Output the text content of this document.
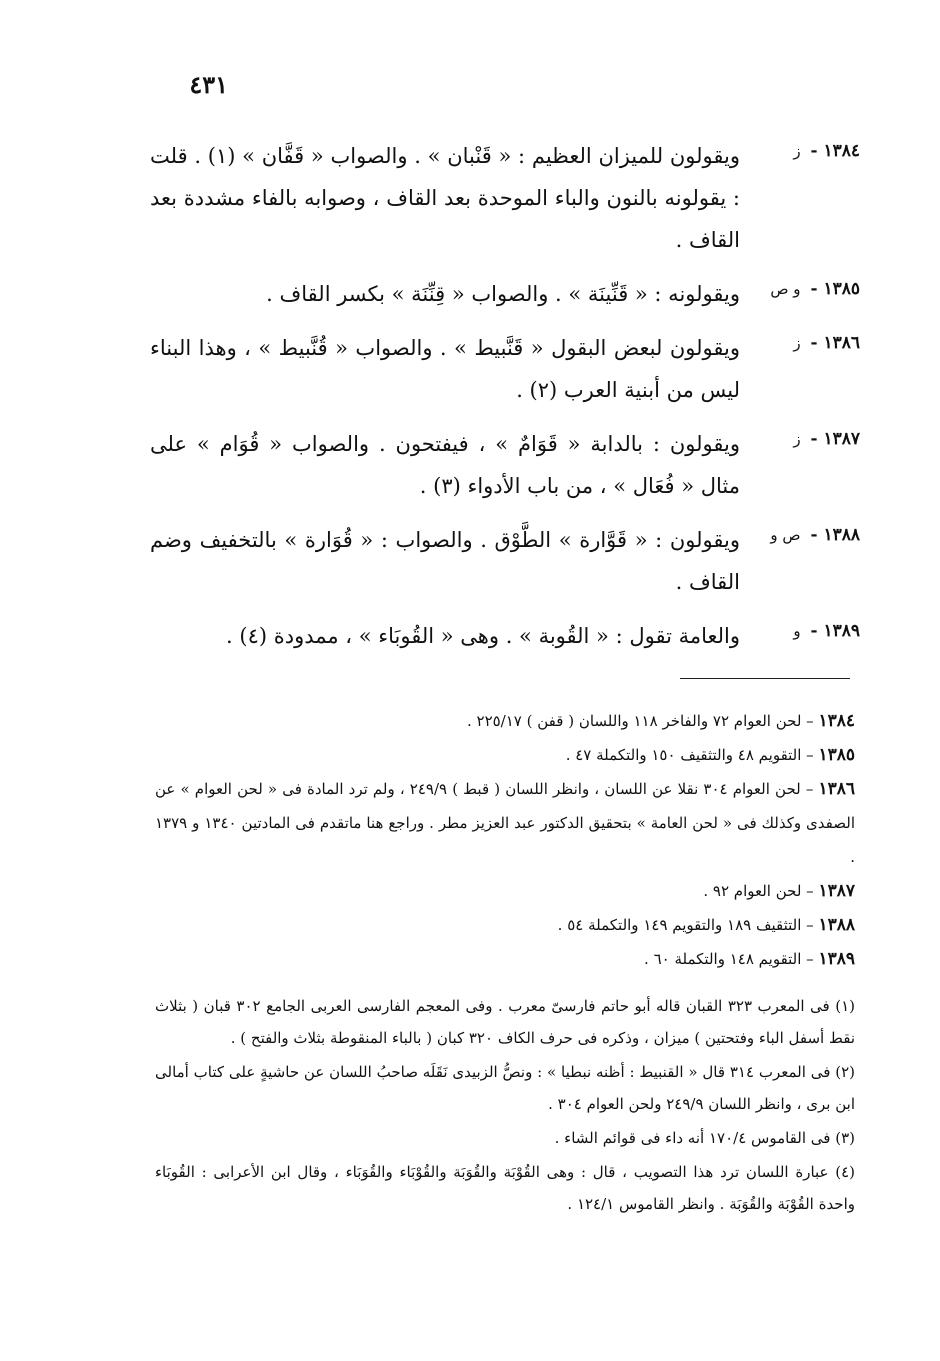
٤٣١
١٣٨٤ - ز
ويقولون للميزان العظيم : « قَنْبان » . والصواب « قَفَّان » (١) . قلت : يقولونه بالنون والباء الموحدة بعد القاف ، وصوابه بالفاء مشددة بعد القاف .
١٣٨٥ - و ص
ويقولونه : « قَنِّينَة » . والصواب « قِنِّنَة » بكسر القاف .
١٣٨٦ - ز
ويقولون لبعض البقول « قَنَّبيط » . والصواب « قُنَّبيط » ، وهذا البناء ليس من أبنية العرب (٢) .
١٣٨٧ - ز
ويقولون : بالدابة « قَوَامٌ » ، فيفتحون . والصواب « قُوَام » على مثال « فُعَال » ، من باب الأدواء (٣) .
١٣٨٨ - ص و
ويقولون : « قَوَّارة » الطَّوْق . والصواب : « قُوَارة » بالتخفيف وضم القاف .
١٣٨٩ - و
والعامة تقول : « القُوبة » . وهى « القُوبَاء » ، ممدودة (٤) .
١٣٨٤ – لحن العوام ٧٢ والفاخر ١١٨ واللسان ( قفن ) ٢٢٥/١٧ .
١٣٨٥ – التقويم ٤٨ والتثقيف ١٥٠ والتكملة ٤٧ .
١٣٨٦ – لحن العوام ٣٠٤ نقلا عن اللسان ، وانظر اللسان ( قبط ) ٢٤٩/٩ ، ولم ترد المادة فى « لحن العوام » عن الصفدى وكذلك فى « لحن العامة » بتحقيق الدكتور عبد العزيز مطر . وراجع هنا ماتقدم فى المادتين ١٣٤٠ و ١٣٧٩ .
١٣٨٧ – لحن العوام ٩٢ .
١٣٨٨ – التثقيف ١٨٩ والتقويم ١٤٩ والتكملة ٥٤ .
١٣٨٩ – التقويم ١٤٨ والتكملة ٦٠ .
(١) فى المعرب ٣٢٣ القبان قاله أبو حاتم فارسىّ معرب . وفى المعجم الفارسى العربى الجامع ٣٠٢ قبان ( بثلاث نقط أسفل الباء وفتحتين ) ميزان ، وذكره فى حرف الكاف ٣٢٠ كبان ( بالباء المنقوطة بثلاث والفتح ) .
(٢) فى المعرب ٣١٤ قال « القنبيط : أظنه نبطيا » : ونصُّ الزبيدى نَقَلَه صاحبُ اللسان عن حاشيةٍ على كتاب أمالى ابن برى ، وانظر اللسان ٢٤٩/٩ ولحن العوام ٣٠٤ .
(٣) فى القاموس ١٧٠/٤ أنه داء فى قوائم الشاء .
(٤) عبارة اللسان ترد هذا التصويب ، قال : وهى القُوْبَة والقُوَبَة والقُوْبَاء والقُوَبَاء ، وقال ابن الأعرابى : القُوبَاء واحدة القُوْبَة والقُوَبَة . وانظر القاموس ١٢٤/١ .
